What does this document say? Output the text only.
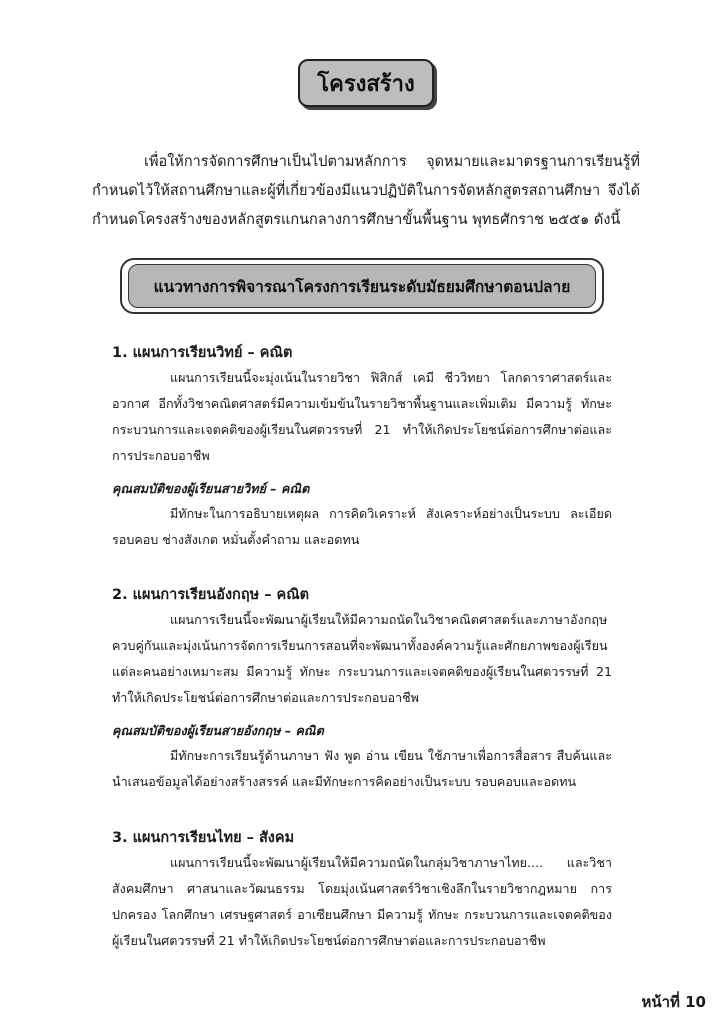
โครงสร้าง
เพื่อให้การจัดการศึกษาเป็นไปตามหลักการ จุดหมายและมาตรฐานการเรียนรู้ที่กำหนดไว้ให้สถานศึกษาและผู้ที่เกี่ยวข้องมีแนวปฏิบัติในการจัดหลักสูตรสถานศึกษา จึงได้กำหนดโครงสร้างของหลักสูตรแกนกลางการศึกษาขั้นพื้นฐาน พุทธศักราช ๒๕๕๑ ดังนี้
แนวทางการพิจารณาโครงการเรียนระดับมัธยมศึกษาตอนปลาย
1. แผนการเรียนวิทย์ – คณิต

แผนการเรียนนี้จะมุ่งเน้นในรายวิชา ฟิสิกส์ เคมี ชีววิทยา โลกดาราศาสตร์และอวกาศ อีกทั้งวิชาคณิตศาสตร์มีความเข้มข้นในรายวิชาพื้นฐานและเพิ่มเติม มีความรู้ ทักษะ กระบวนการและเจตคติของผู้เรียนในศตวรรษที่ 21 ทำให้เกิดประโยชน์ต่อการศึกษาต่อและการประกอบอาชีพ

คุณสมบัติของผู้เรียนสายวิทย์ – คณิต

มีทักษะในการอธิบายเหตุผล การคิดวิเคราะห์ สังเคราะห์อย่างเป็นระบบ ละเอียด รอบคอบ ช่างสังเกต หมั่นตั้งคำถาม และอดทน

2. แผนการเรียนอังกฤษ – คณิต

แผนการเรียนนี้จะพัฒนาผู้เรียนให้มีความถนัดในวิชาคณิตศาสตร์และภาษาอังกฤษควบคู่กันและมุ่งเน้นการจัดการเรียนการสอนที่จะพัฒนาทั้งองค์ความรู้และศักยภาพของผู้เรียนแต่ละคนอย่างเหมาะสม มีความรู้ ทักษะ กระบวนการและเจตคติของผู้เรียนในศตวรรษที่ 21 ทำให้เกิดประโยชน์ต่อการศึกษาต่อและการประกอบอาชีพ

คุณสมบัติของผู้เรียนสายอังกฤษ – คณิต

มีทักษะการเรียนรู้ด้านภาษา ฟัง พูด อ่าน เขียน ใช้ภาษาเพื่อการสื่อสาร สืบค้นและนำเสนอข้อมูลได้อย่างสร้างสรรค์ และมีทักษะการคิดอย่างเป็นระบบ รอบคอบและอดทน

3. แผนการเรียนไทย – สังคม

แผนการเรียนนี้จะพัฒนาผู้เรียนให้มีความถนัดในกลุ่มวิชาภาษาไทย.... และวิชาสังคมศึกษา ศาสนาและวัฒนธรรม โดยมุ่งเน้นศาสตร์วิชาเชิงลึกในรายวิชากฎหมาย การปกครอง โลกศึกษา เศรษฐศาสตร์ อาเซียนศึกษา มีความรู้ ทักษะ กระบวนการและเจตคติของผู้เรียนในศตวรรษที่ 21 ทำให้เกิดประโยชน์ต่อการศึกษาต่อและการประกอบอาชีพ

หน้าที่ 10
